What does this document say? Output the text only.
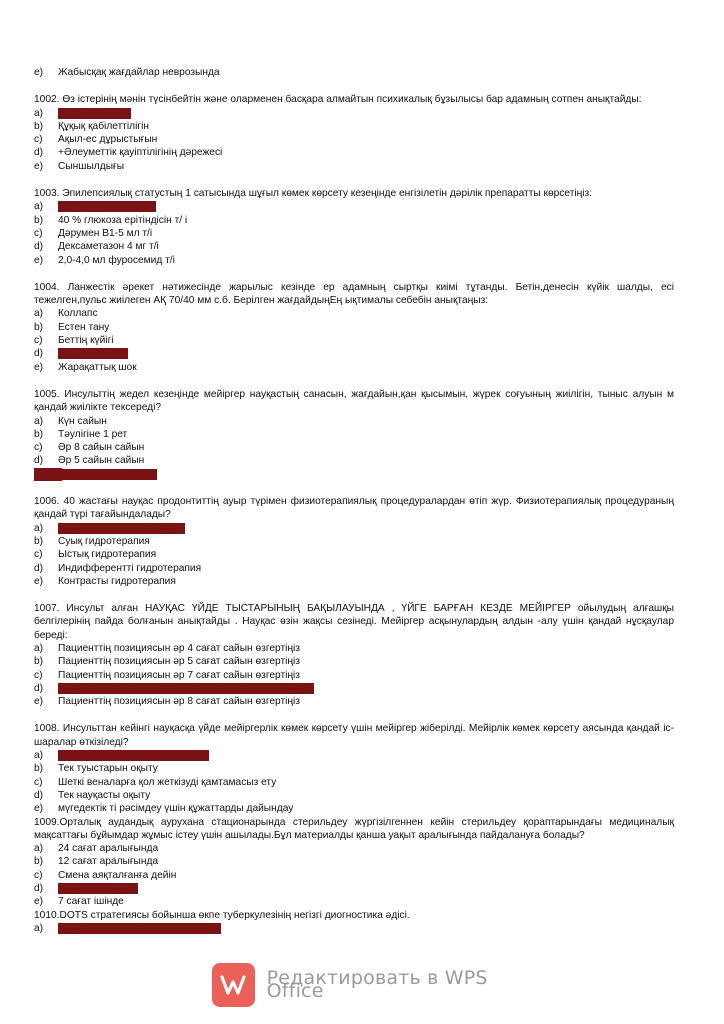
e)	Жабысқақ жағдайлар неврозында
1002. Өз істерінің мәнін түсінбейтін және оларменен басқара алмайтын психикалық бұзылысы бар адамның сотпен анықтайды:
a)	+Әрекетсіздігі
b)	Құқық қабілеттілігін
c)	Ақыл-ес дұрыстығын
d)	+Әлеуметтік қауіптілігінің дәрежесі
e)	Сыншылдығы
1003. Эпилепсиялық статустың 1 сатысында шұғыл көмек көрсету кезеңінде енгізілетін дәрілік препаратты көрсетіңіз:
a)	+0,5% диазепам т/і
b)	40 % глюкоза ерітіндісін т/ і
c)	Дәрумен В1-5 мл т/і
d)	Дексаметазон 4 мг т/і
e)	2,0-4,0 мл фуросемид т/і
1004. Ланжестік әрекет нәтижесінде жарылыс кезінде ер адамның сыртқы киімі тұтанды. Бетін,денесін күйік шалды, есі тежелген,пульс жиілеген АҚ 70/40 мм с.б. Берілген жағдайдыңЕң ықтималы себебін анықтаңыз:
a)	Коллапс
b)	Естен тану
c)	Беттің күйігі
d)	+Күйіктік шок
e)	Жарақаттық шок
1005. Инсульттің жедел кезеңінде мейіргер науқастың санасын, жағдайын,қан қысымын, жүрек соғуының жиілігін, тыныс алуын м қандай жиілікте тексереді?
a)	Күн сайын
b)	Тәулігіне 1 рет
c)	Әр 8 сайын сайын
d)	Әр 5 сайын сайын
e)	+Әр 2 сағат сайын
1006. 40 жастағы науқас продонтиттің ауыр түрімен физиотерапиялық процедуралардан өтіп жүр. Физиотерапиялық процедураның қандай түрі тағайындалады?
a)	+Импульсті гидромассаж
b)	Суық гидротерапия
c)	Ыстық гидротерапия
d)	Индифферентті гидротерапия
e)	Контрасты гидротерапия
1007. Инсульт алған НАУҚАС ҮЙДЕ ТЫСТАРЫНЫҢ БАҚЫЛАУЫНДА , ҮЙГЕ БАРҒАН КЕЗДЕ МЕЙІРГЕР ойылудың алғашқы белгілерінің пайда болғанын анықтайды . Науқас өзін жақсы сезінеді. Мейіргер асқынулардың алдын -алу үшін қандай нұсқаулар береді:
a)	Пациенттің позициясын әр 4 сағат сайын өзгертіңіз
b)	Пациенттің позициясын әр 5 сағат сайын өзгертіңіз
c)	Пациенттің позициясын әр 7 сағат сайын өзгертіңіз
d)	+Пациенттің позициясын әр 2 сағат сайын өзгертіңіз
e)	Пациенттің позициясын әр 8 сағат сайын өзгертіңіз
1008. Инсульттан кейінгі науқасқа үйде мейіргерлік көмек көрсету үшін мейіргер жіберілді. Мейірлік көмек көрсету аясында қандай іс-шаралар өткізіледі?
a)	+Науқас пен туыстарын оқыту
b)	Тек туыстарын оқыту
c)	Шеткі веналарға қол жеткізуді қамтамасыз ету
d)	Тек науқасты оқыту
e)	мүгедектік ті рәсімдеу үшін құжаттарды дайындау
1009.Орталық аудандық аурухана стационарында стерильдеу жүргізілгеннен кейін стерильдеу қораптарындағы медициналық мақсаттағы бұйымдар жұмыс істеу үшін ашылады.Бұл материалды қанша уақыт аралығында пайдалануға болады?
a)	24 сағат аралығында
b)	12 сағат аралығында
c)	Смена аяқталғанға дейін
d)	+6 сағат ішінде
e)	7 сағат ішінде
1010.DOTS стратегиясы бойынша өкпе туберкулезінің негізгі диогностика әдісі.
a)	+Қақырықтың бактериоскопиясы
Редактировать в WPS Office
